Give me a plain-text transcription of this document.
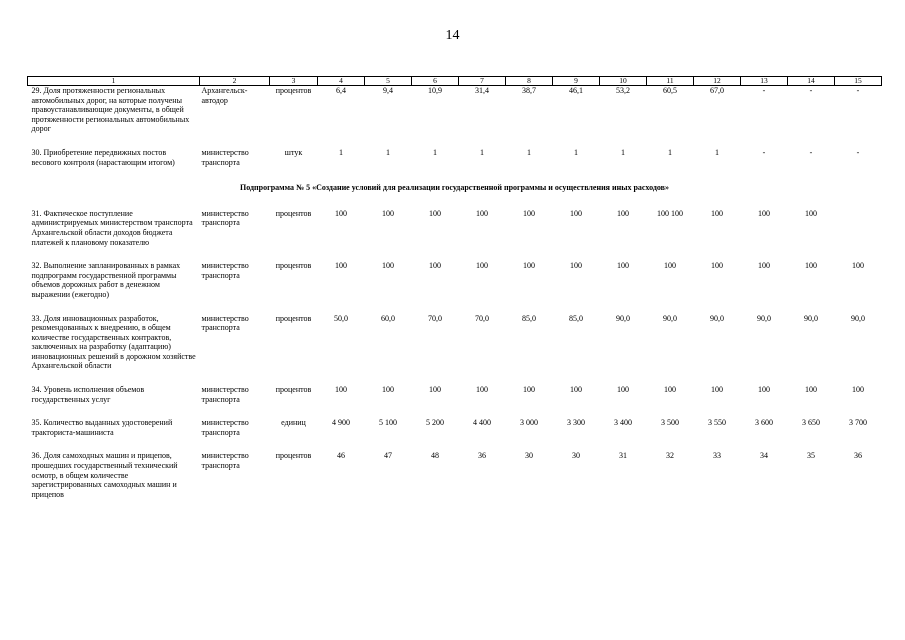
14
1	2	3	4	5	6	7	8	9	10	11	12	13	14	15
29. Доля протяженности региональных автомобильных дорог, на которые получены правоустанавливающие документы, в общей протяженности региональных автомобильных дорог	Архангельск-автодор	процентов	6,4	9,4	10,9	31,4	38,7	46,1	53,2	60,5	67,0	-	-	-

30. Приобретение передвижных постов весового контроля (нарастающим итогом)	министерство транспорта	штук	1	1	1	1	1	1	1	1	1	-	-	-

Подпрограмма № 5 «Создание условий для реализации государственной программы и осуществления иных расходов»														

31. Фактическое поступление администрируемых министерством транспорта Архангельской области доходов бюджета платежей к плановому показателю	министерство транспорта	процентов	100	100	100	100	100	100	100	100 100	100	100	100	

32. Выполнение запланированных в рамках подпрограмм государственной программы объемов дорожных работ в денежном выражении (ежегодно)	министерство транспорта	процентов	100	100	100	100	100	100	100	100	100	100	100	100

33. Доля инновационных разработок, рекомендованных к внедрению, в общем количестве государственных контрактов, заключенных на разработку (адаптацию) инновационных решений в дорожном хозяйстве Архангельской области	министерство транспорта	процентов	50,0	60,0	70,0	70,0	85,0	85,0	90,0	90,0	90,0	90,0	90,0	90,0

34. Уровень исполнения объемов государственных услуг	министерство транспорта	процентов	100	100	100	100	100	100	100	100	100	100	100	100

35. Количество выданных удостоверений тракториста-машиниста	министерство транспорта	единиц	4 900	5 100	5 200	4 400	3 000	3 300	3 400	3 500	3 550	3 600	3 650	3 700

36. Доля самоходных машин и прицепов, прошедших государственный технический осмотр, в общем количестве зарегистрированных самоходных машин и прицепов	министерство транспорта	процентов	46	47	48	36	30	30	31	32	33	34	35	36
